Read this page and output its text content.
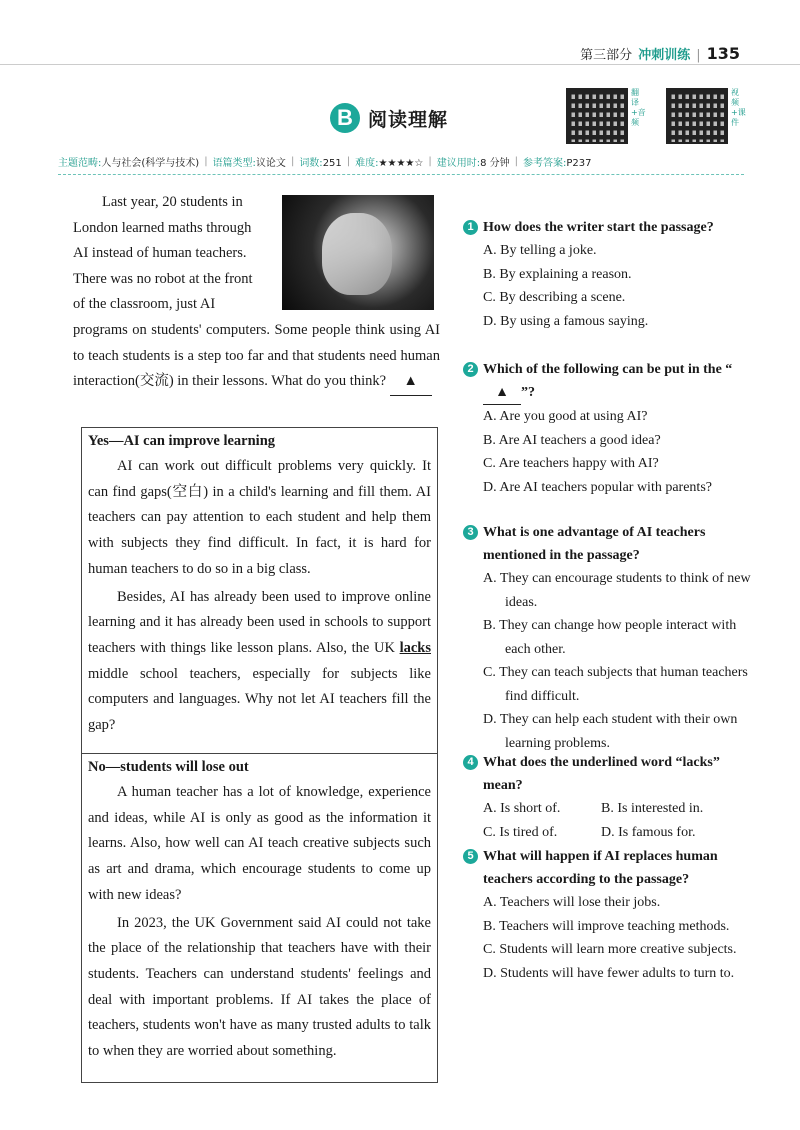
第三部分 冲刺训练 | 135
B 阅读理解
翻译+音频
视频+课件
主题范畴:人与社会(科学与技术) | 语篇类型:议论文 | 词数:251 | 难度:★★★★☆ | 建议用时:8 分钟 | 参考答案:P237
Last year, 20 students in
London learned maths through
AI instead of human teachers.
There was no robot at the front
of the classroom, just AI
programs on students' computers. Some people think using AI to teach students is a step too far and that students need human interaction(交流) in their lessons. What do you think? ▲
Yes—AI can improve learning

AI can work out difficult problems very quickly. It can find gaps(空白) in a child's learning and fill them. AI teachers can pay attention to each student and help them with subjects they find difficult. In fact, it is hard for human teachers to do so in a big class.

Besides, AI has already been used to improve online learning and it has already been used in schools to support teachers with things like lesson plans. Also, the UK lacks middle school teachers, especially for subjects like computers and languages. Why not let AI teachers fill the gap?

No—students will lose out

A human teacher has a lot of knowledge, experience and ideas, while AI is only as good as the information it learns. Also, how well can AI teach creative subjects such as art and drama, which encourage students to come up with new ideas?

In 2023, the UK Government said AI could not take the place of the relationship that teachers have with their students. Teachers can understand students' feelings and deal with important problems. If AI takes the place of teachers, students won't have as many trusted adults to talk to when they are worried about something.

1 How does the writer start the passage?
A. By telling a joke.
B. By explaining a reason.
C. By describing a scene.
D. By using a famous saying.
2 Which of the following can be put in the “▲ ”?
A. Are you good at using AI?
B. Are AI teachers a good idea?
C. Are teachers happy with AI?
D. Are AI teachers popular with parents?
3 What is one advantage of AI teachers mentioned in the passage?
A. They can encourage students to think of new ideas.
B. They can change how people interact with each other.
C. They can teach subjects that human teachers find difficult.
D. They can help each student with their own learning problems.
4 What does the underlined word “lacks” mean?
A. Is short of.	B. Is interested in.
C. Is tired of.	D. Is famous for.
5 What will happen if AI replaces human teachers according to the passage?
A. Teachers will lose their jobs.
B. Teachers will improve teaching methods.
C. Students will learn more creative subjects.
D. Students will have fewer adults to turn to.
